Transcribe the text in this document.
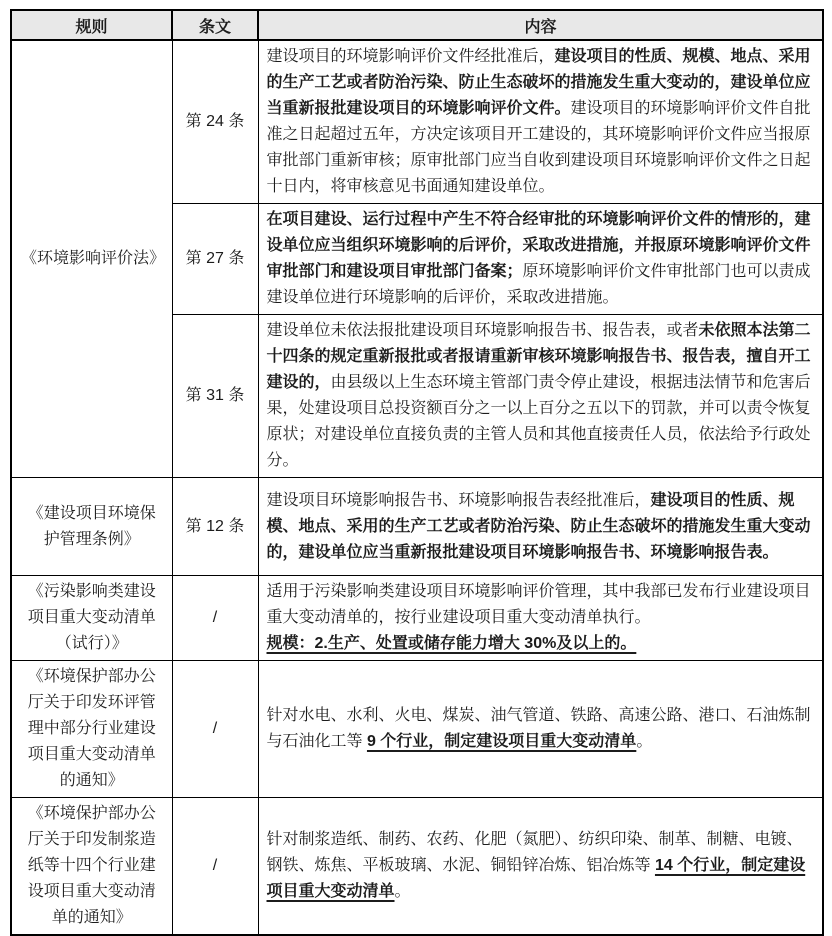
规则	条文	内容
《环境影响评价法》	第 24 条	建设项目的环境影响评价文件经批准后，建设项目的性质、规模、地点、采用的生产工艺或者防治污染、防止生态破坏的措施发生重大变动的，建设单位应当重新报批建设项目的环境影响评价文件。建设项目的环境影响评价文件自批准之日起超过五年，方决定该项目开工建设的，其环境影响评价文件应当报原审批部门重新审核；原审批部门应当自收到建设项目环境影响评价文件之日起十日内，将审核意见书面通知建设单位。
	第 27 条	在项目建设、运行过程中产生不符合经审批的环境影响评价文件的情形的，建设单位应当组织环境影响的后评价，采取改进措施，并报原环境影响评价文件审批部门和建设项目审批部门备案；原环境影响评价文件审批部门也可以责成建设单位进行环境影响的后评价，采取改进措施。
	第 31 条	建设单位未依法报批建设项目环境影响报告书、报告表，或者未依照本法第二十四条的规定重新报批或者报请重新审核环境影响报告书、报告表，擅自开工建设的，由县级以上生态环境主管部门责令停止建设，根据违法情节和危害后果，处建设项目总投资额百分之一以上百分之五以下的罚款，并可以责令恢复原状；对建设单位直接负责的主管人员和其他直接责任人员，依法给予行政处分。
《建设项目环境保护管理条例》	第 12 条	建设项目环境影响报告书、环境影响报告表经批准后，建设项目的性质、规模、地点、采用的生产工艺或者防治污染、防止生态破坏的措施发生重大变动的，建设单位应当重新报批建设项目环境影响报告书、环境影响报告表。
《污染影响类建设项目重大变动清单（试行）》	/	适用于污染影响类建设项目环境影响评价管理，其中我部已发布行业建设项目重大变动清单的，按行业建设项目重大变动清单执行。
规模：2.生产、处置或储存能力增大 30%及以上的。
《环境保护部办公厅关于印发环评管理中部分行业建设项目重大变动清单的通知》	/	针对水电、水利、火电、煤炭、油气管道、铁路、高速公路、港口、石油炼制与石油化工等 9 个行业，制定建设项目重大变动清单。
《环境保护部办公厅关于印发制浆造纸等十四个行业建设项目重大变动清单的通知》	/	针对制浆造纸、制药、农药、化肥（氮肥）、纺织印染、制革、制糖、电镀、钢铁、炼焦、平板玻璃、水泥、铜铅锌冶炼、铝冶炼等 14 个行业，制定建设项目重大变动清单。
